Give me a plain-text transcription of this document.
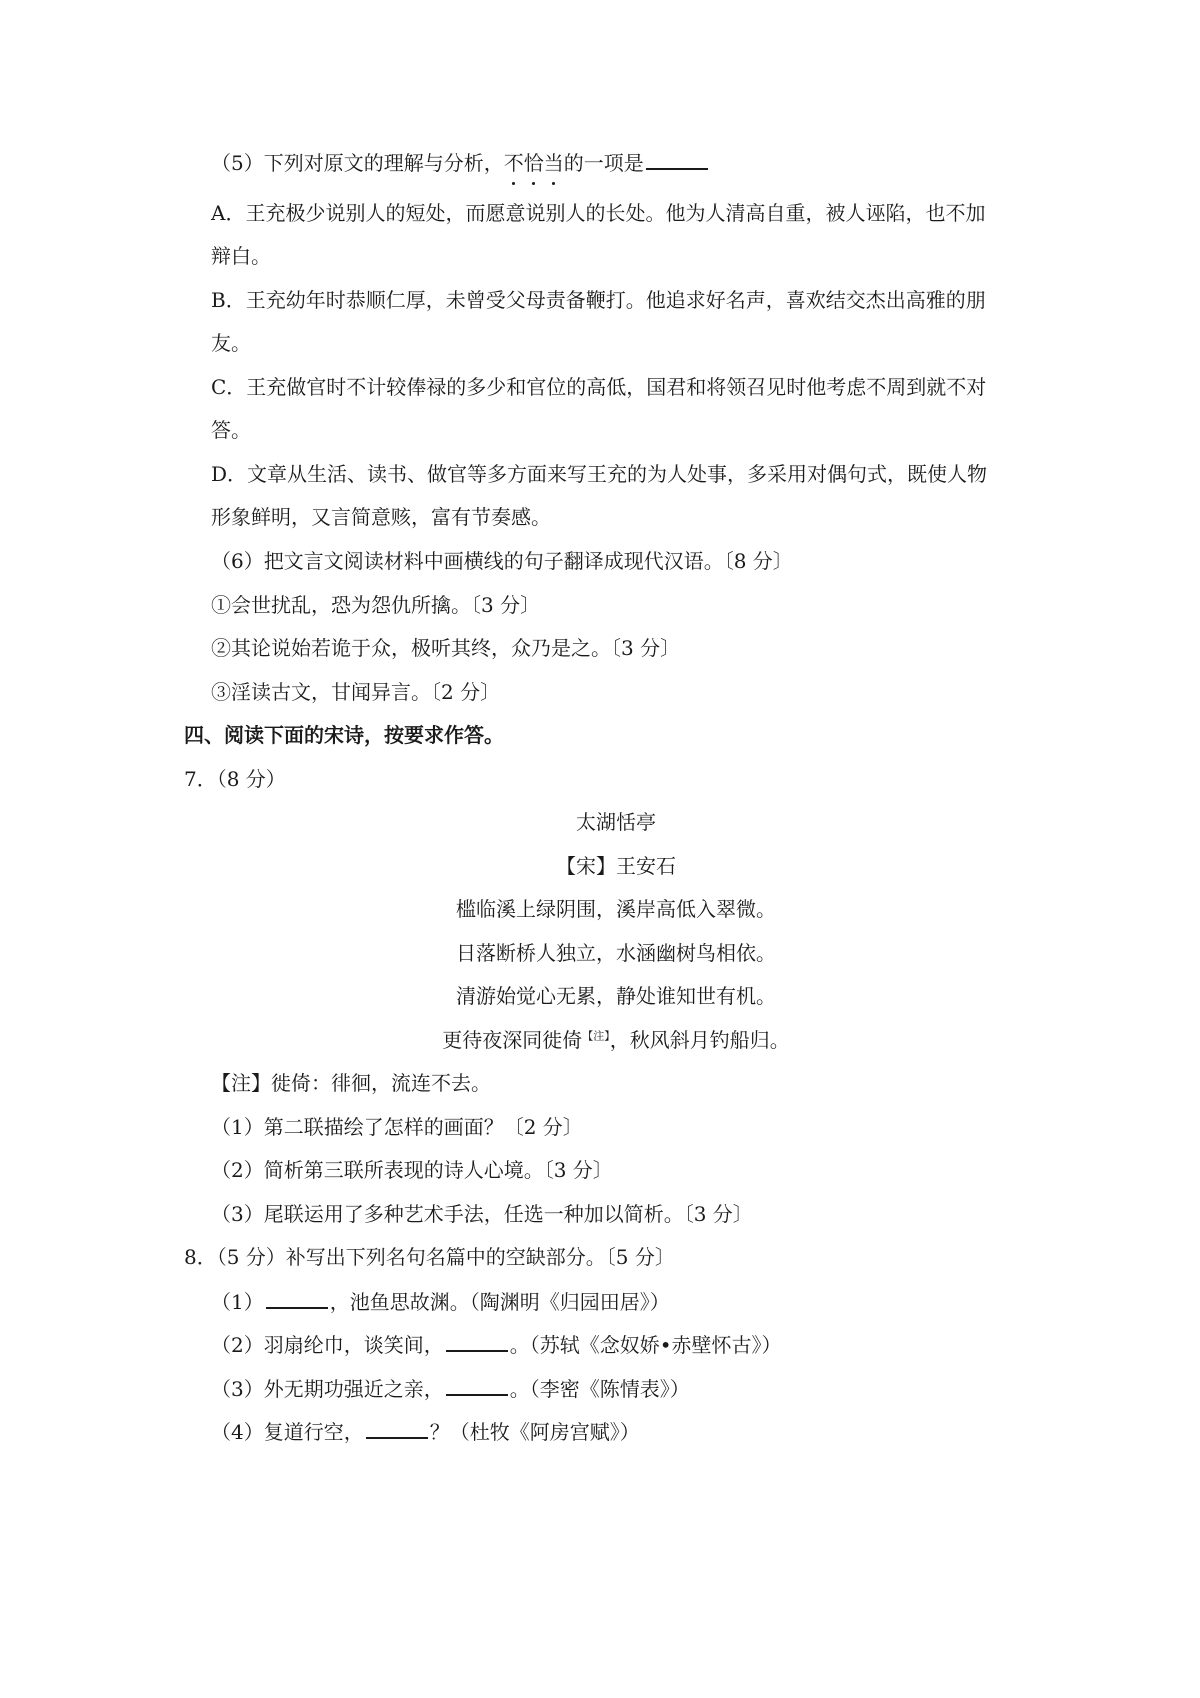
（5）下列对原文的理解与分析，不恰当的一项是
A．王充极少说别人的短处，而愿意说别人的长处。他为人清高自重，被人诬陷，也不加
辩白。
B．王充幼年时恭顺仁厚，未曾受父母责备鞭打。他追求好名声，喜欢结交杰出高雅的朋
友。
C．王充做官时不计较俸禄的多少和官位的高低，国君和将领召见时他考虑不周到就不对
答。
D．文章从生活、读书、做官等多方面来写王充的为人处事，多采用对偶句式，既使人物
形象鲜明，又言简意赅，富有节奏感。
（6）把文言文阅读材料中画横线的句子翻译成现代汉语。〔8 分〕
①会世扰乱，恐为怨仇所擒。〔3 分〕
②其论说始若诡于众，极听其终，众乃是之。〔3 分〕
③淫读古文，甘闻异言。〔2 分〕
四、阅读下面的宋诗，按要求作答。
7．（8 分）
太湖恬亭
【宋】王安石
槛临溪上绿阴围，溪岸高低入翠微。
日落断桥人独立，水涵幽树鸟相依。
清游始觉心无累，静处谁知世有机。
更待夜深同徙倚$^{【注】}$，秋风斜月钓船归。
【注】徙倚：徘徊，流连不去。
（1）第二联描绘了怎样的画面？〔2 分〕
（2）简析第三联所表现的诗人心境。〔3 分〕
（3）尾联运用了多种艺术手法，任选一种加以简析。〔3 分〕
8．（5 分）补写出下列名句名篇中的空缺部分。〔5 分〕
（1）	，池鱼思故渊。（陶渊明《归园田居》）
（2）羽扇纶巾，谈笑间，	。（苏轼《念奴娇•赤壁怀古》）
（3）外无期功强近之亲，	。（李密《陈情表》）
（4）复道行空，	？（杜牧《阿房宫赋》）
